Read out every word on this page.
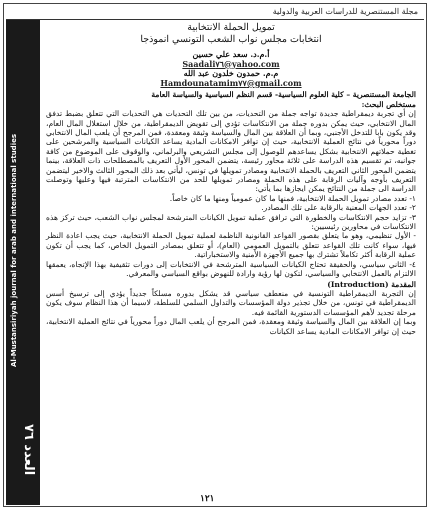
مجلة المستنصرية للدراسات العربية والدولية
Al-Mustansiriyah journal for arab and international studies
العدد ٧٦

تمويل الحملة الانتخابية

انتخابات مجلس نواب الشعب التونسي انموذجا

أ.م.د. سعد علي حسين

Saadali٧٦@yahoo.com

م.م. حمدون خلدون عبد الله

Hamdounatamim٧٧@gmail.com

الجامعة المستنصرية – كلية العلوم السياسية- قسم النظم السياسية والسياسة العامة

مستخلص البحث:

إن أي تجربة ديمقراطية جديدة تواجه جملة من التحديات، من بين تلك التحديات هي التحديات التي تتعلق بضبط تدفق المال الانتخابي، حيث يمكن بدوره جملة من الانتكاسات تؤدي إلى تقويض الديمقراطية، من خلال استغلال المال العام، وقد يكون بابا للتدخل الأجنبي، وبما أن العلاقة بين المال والسياسة وثيقة ومعقدة، فمن المرجح أن يلعب المال الانتخابي دوراً محورياً في نتائج العملية الانتخابية، حيث إن توافر الامكانات المادية يساعد الكيانات السياسية والمرشحين على تغطية حملاتهم الانتخابية بشكل يساعدهم للوصول إلى مجلس التشريعي والبرلماني، والوقوف على الموضوع من كافة جوانبه، تم تقسيم هذه الدراسة على ثلاثة محاور رئيسة، يتضمن المحور الأول التعريف بالمصطلحات ذات العلاقة، بينما يتضمن المحور الثاني التعريف بالحملة الانتخابية ومصادر تمويلها في تونس، ليأتي بعد ذلك المحور الثالث والاخير ليتضمن التعريف بأوجه وآليات الرقابة على هذه الحملة ومصادر تمويلها للحد من الانتكاسات المترتبة فيها وعليها وتوصلت الدراسة الى جملة من النتائج يمكن ايجازها بما يأتي:

١- تعدد مصادر تمويل الحملة الانتخابية، فمنها ما كان عمومياً ومنها ما كان خاصاً.

٢- تعدد الجهات المعنية بالرقابة على تلك المصادر.

٣- تزايد حجم الانتكاسات والخطورة التي ترافق عملية تمويل الكيانات المترشحة لمجلس نواب الشعب، حيث تركز هذه الانتكاسات في محاورين رئيسيين:

- الأول تنظيمي، وهو ما يتعلق بقصور القواعد القانونية الناظمة لعملية تمويل الحملة الانتخابية، حيث يجب اعادة النظر فيها، سواء كانت تلك القواعد تتعلق بالتمويل العمومي (العام)، أو تتعلق بمصادر التمويل الخاص، كما يجب أن تكون عملية الرقابة أكثر تكاملاً تشترك بها جميع الأجهزة الأمنية والاستخباراتية.

٤- الثاني سياسي، والحقيقة تحتاج الكيانات السياسية المترشحة في الانتخابات إلى دورات تثقيفية بهذا الإتجاه، يعمقها الالتزام بالعمل الانتخابي والسياسي، لتكون لها رؤية وارادة للنهوض بواقع السياسي والمعرفي.

المقدمة (Introduction)

إن التجربة الديمقراطية التونسية في منعطف سياسي قد يشكل بدوره مسلكاً جديداً يؤدي إلى ترسيخ أسس الديمقراطية في تونس، من خلال تجذير دولة المؤسسات والتداول السلمي للسلطة، لاسيما أن هذا النظام سوف يكون مرحلة تجديد لأهم المؤسسات الدستورية القائمة فيه.

وبما إن العلاقة بين المال والسياسة وثيقة ومعقدة، فمن المرجح أن يلعب المال دوراً محورياً في نتائج العملية الانتخابية، حيث إن توافر الامكانات المادية يساعد الكيانات

١٢١
